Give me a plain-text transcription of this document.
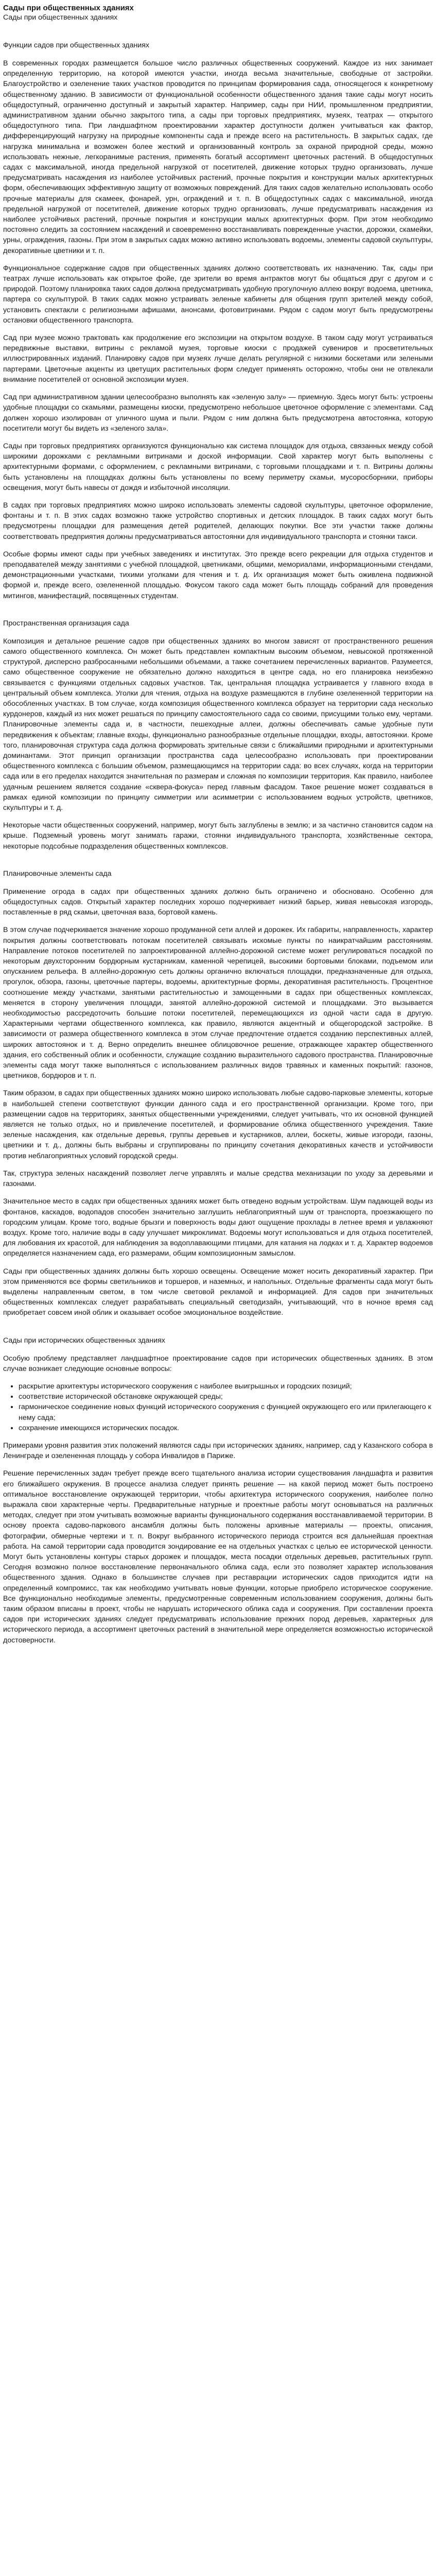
Сады при общественных зданиях
Сады при общественных зданиях
Функции садов при общественных зданиях

В современных городах размещается большое число различных общественных сооружений. Каждое из них занимает определенную территорию, на которой имеются участки, иногда весьма значительные, свободные от застройки. Благоустройство и озеленение таких участков проводится по принципам формирования сада, относящегося к конкретному общественному зданию. В зависимости от функциональной особенности общественного здания такие сады могут носить общедоступный, ограниченно доступный и закрытый характер. Например, сады при НИИ, промышленном предприятии, административном здании обычно закрытого типа, а сады при торговых предприятиях, музеях, театрах — открытого общедоступного типа. При ландшафтном проектировании характер доступности должен учитываться как фактор, дифференцирующий нагрузку на природные компоненты сада и прежде всего на растительность. В закрытых садах, где нагрузка минимальна и возможен более жесткий и организованный контроль за охраной природной среды, можно использовать нежные, легкоранимые растения, применять богатый ассортимент цветочных растений. В общедоступных садах с максимальной, иногда предельной нагрузкой от посетителей, движение которых трудно организовать, лучше предусматривать насаждения из наиболее устойчивых растений, прочные покрытия и конструкции малых архитектурных форм, обеспечивающих эффективную защиту от возможных повреждений. Для таких садов желательно использовать особо прочные материалы для скамеек, фонарей, урн, ограждений и т. п. В общедоступных садах с максимальной, иногда предельной нагрузкой от посетителей, движение которых трудно организовать, лучше предусматривать насаждения из наиболее устойчивых растений, прочные покрытия и конструкции малых архитектурных форм. При этом необходимо постоянно следить за состоянием насаждений и своевременно восстанавливать поврежденные участки, дорожки, скамейки, урны, ограждения, газоны. При этом в закрытых садах можно активно использовать водоемы, элементы садовой скульптуры, декоративные цветники и т. п.

Функциональное содержание садов при общественных зданиях должно соответствовать их назначению. Так, сады при театрах лучше использовать как открытое фойе, где зрители во время антрактов могут бы общаться друг с другом и с природой. Поэтому планировка таких садов должна предусматривать удобную прогулочную аллею вокруг водоема, цветника, партера со скульптурой. В таких садах можно устраивать зеленые кабинеты для общения групп зрителей между собой, установить спектакли с религиозными афишами, анонсами, фотовитринами. Рядом с садом могут быть предусмотрены остановки общественного транспорта.

Сад при музее можно трактовать как продолжение его экспозиции на открытом воздухе. В таком саду могут устраиваться передвижные выставки, витрины с рекламой музея, торговые киоски с продажей сувениров и просветительных иллюстрированных изданий. Планировку садов при музеях лучше делать регулярной с низкими боскетами или зелеными партерами. Цветочные акценты из цветущих растительных форм следует применять осторожно, чтобы они не отвлекали внимание посетителей от основной экспозиции музея.

Сад при административном здании целесообразно выполнять как «зеленую залу» — приемную. Здесь могут быть: устроены удобные площадки со скамьями, размещены киоски, предусмотрено небольшое цветочное оформление с элементами. Сад должен хорошо изолирован от уличного шума и пыли. Рядом с ним должна быть предусмотрена автостоянка, которую посетители могут бы видеть из «зеленого зала».

Сады при торговых предприятиях организуются функционально как система площадок для отдыха, связанных между собой широкими дорожками с рекламными витринами и доской информации. Свой характер могут быть выполнены с архитектурными формами, с оформлением, с рекламными витринами, с торговыми площадками и т. п. Витрины должны быть установлены на площадках должны быть установлены по всему периметру скамьи, мусоросборники, приборы освещения, могут быть навесы от дождя и избыточной инсоляции.

В садах при торговых предприятиях можно широко использовать элементы садовой скульптуры, цветочное оформление, фонтаны и т. п. В этих садах возможно также устройство спортивных и детских площадок. В таких садах могут быть предусмотрены площадки для размещения детей родителей, делающих покупки. Все эти участки также должны соответствовать предприятия должны предусматриваться автостоянки для индивидуального транспорта и стоянки такси.

Особые формы имеют сады при учебных заведениях и институтах. Это прежде всего рекреации для отдыха студентов и преподавателей между занятиями с учебной площадкой, цветниками, общими, мемориалами, информационными стендами, демонстрационными участками, тихими уголками для чтения и т. д. Их организация может быть оживлена подвижной формой и, прежде всего, озелененной площадью. Фокусом такого сада может быть площадь собраний для проведения митингов, манифестаций, посвященных студентам.

Пространственная организация сада

Композиция и детальное решение садов при общественных зданиях во многом зависят от пространственного решения самого общественного комплекса. Он может быть представлен компактным высоким объемом, невысокой протяженной структурой, дисперсно разбросанными небольшими объемами, а также сочетанием перечисленных вариантов. Разумеется, само общественное сооружение не обязательно должно находиться в центре сада, но его планировка неизбежно связывается с функциями отдельных садовых участков. Так, центральная площадка устраивается у главного входа в центральный объем комплекса. Уголки для чтения, отдыха на воздухе размещаются в глубине озелененной территории на обособленных участках. В том случае, когда композиция общественного комплекса образует на территории сада несколько курдонеров, каждый из них может решаться по принципу самостоятельного сада со своими, присущими только ему, чертами. Планировочные элементы сада и, в частности, пешеходные аллеи, должны обеспечивать самые удобные пути передвижения к объектам; главные входы, функционально разнообразные отдельные площадки, входы, автостоянки. Кроме того, планировочная структура сада должна формировать зрительные связи с ближайшими природными и архитектурными доминантами. Этот принцип организации пространства сада целесообразно использовать при проектировании общественного комплекса с большим объемом, размещающимся на территории сада: во всех случаях, когда на территории сада или в его пределах находится значительная по размерам и сложная по композиции территория. Как правило, наиболее удачным решением является создание «сквера-фокуса» перед главным фасадом. Такое решение может создаваться в рамках единой композиции по принципу симметрии или асимметрии с использованием водных устройств, цветников, скульптуры и т. д.

Некоторые части общественных сооружений, например, могут быть заглублены в землю; и за частично становится садом на крыше. Подземный уровень могут занимать гаражи, стоянки индивидуального транспорта, хозяйственные сектора, некоторые подсобные подразделения общественных комплексов.

Планировочные элементы сада

Применение огрода в садах при общественных зданиях должно быть ограничено и обосновано. Особенно для общедоступных садов. Открытый характер последних хорошо подчеркивает низкий барьер, живая невысокая изгородь, поставленные в ряд скамьи, цветочная ваза, бортовой камень.

В этом случае подчеркивается значение хорошо продуманной сети аллей и дорожек. Их габариты, направленность, характер покрытия должны соответствовать потокам посетителей связывать искомые пункты по наикратчайшим расстояниям. Направление потоков посетителей по запроектированной аллейно-дорожной системе может регулироваться посадкой по некоторым двухсторонним бордюрным кустарникам, каменной черепицей, высокими бортовыми блоками, подъемом или опусканием рельефа. В аллейно-дорожную сеть должны органично включаться площадки, предназначенные для отдыха, прогулок, обзора, газоны, цветочные партеры, водоемы, архитектурные формы, декоративная растительность. Процентное соотношение между участками, занятыми растительностью и замощенными в садах при общественных комплексах, меняется в сторону увеличения площади, занятой аллейно-дорожной системой и площадками. Это вызывается необходимостью рассредоточить большие потоки посетителей, перемещающихся из одной части сада в другую. Характерными чертами общественного комплекса, как правило, являются акцентный и общегородской застройке. В зависимости от размера общественного комплекса в этом случае предпочтение отдается созданию перспективных аллей, широких автостоянок и т. д. Верно определить внешнее облицовочное решение, отражающее характер общественного здания, его собственный облик и особенности, служащие созданию выразительного садового пространства. Планировочные элементы сада могут также выполняться с использованием различных видов травяных и каменных покрытий: газонов, цветников, бордюров и т. п.

Таким образом, в садах при общественных зданиях можно широко использовать любые садово-парковые элементы, которые в наибольшей степени соответствуют функции данного сада и его пространственной организации. Кроме того, при размещении садов на территориях, занятых общественными учреждениями, следует учитывать, что их основной функцией является не только отдых, но и привлечение посетителей, и формирование облика общественного учреждения. Такие зеленые насаждения, как отдельные деревья, группы деревьев и кустарников, аллеи, боскеты, живые изгороди, газоны, цветники и т. д., должны быть выбраны и сгруппированы по принципу сочетания декоративных качеств и устойчивости против неблагоприятных условий городской среды.

Так, структура зеленых насаждений позволяет легче управлять и малые средства механизации по уходу за деревьями и газонами.

Значительное место в садах при общественных зданиях может быть отведено водным устройствам. Шум падающей воды из фонтанов, каскадов, водопадов способен значительно заглушить неблагоприятный шум от транспорта, проезжающего по городским улицам. Кроме того, водные брызги и поверхность воды дают ощущение прохлады в летнее время и увлажняют воздух. Кроме того, наличие воды в саду улучшает микроклимат. Водоемы могут использоваться и для отдыха посетителей, для любования их красотой, для наблюдения за водоплавающими птицами, для катания на лодках и т. д. Характер водоемов определяется назначением сада, его размерами, общим композиционным замыслом.

Сады при общественных зданиях должны быть хорошо освещены. Освещение может носить декоративный характер. При этом применяются все формы светильников и торшеров, и наземных, и напольных. Отдельные фрагменты сада могут быть выделены направленным светом, в том числе световой рекламой и информацией. Для садов при значительных общественных комплексах следует разрабатывать специальный светодизайн, учитывающий, что в ночное время сад приобретает совсем иной облик и оказывает особое эмоциональное воздействие.

Сады при исторических общественных зданиях

Особую проблему представляет ландшафтное проектирование садов при исторических общественных зданиях. В этом случае возникает следующие основные вопросы:

• раскрытие архитектуры исторического сооружения с наиболее выигрышных и городских позиций;
• соответствие исторической обстановке окружающей среды;
• гармоническое соединение новых функций исторического сооружения с функцией окружающего его или прилегающего к нему сада;
• сохранение имеющихся исторических посадок.

Примерами уровня развития этих положений являются сады при исторических зданиях, например, сад у Казанского собора в Ленинграде и озелененная площадь у собора Инвалидов в Париже.

Решение перечисленных задач требует прежде всего тщательного анализа истории существования ландшафта и развития его ближайшего окружения. В процессе анализа следует принять решение — на какой период может быть построено оптимальное восстановление окружающей территории, чтобы архитектура исторического сооружения, наиболее полно выражала свои характерные черты. Предварительные натурные и проектные работы могут основываться на различных методах, следует при этом учитывать возможные варианты функционального содержания восстанавливаемой территории. В основу проекта садово-паркового ансамбля должны быть положены архивные материалы — проекты, описания, фотографии, обмерные чертежи и т. п. Вокруг выбранного исторического периода строится вся дальнейшая проектная работа. На самой территории сада проводится зондирование ее на отдельных участках с целью ее исторической ценности. Могут быть установлены контуры старых дорожек и площадок, места посадки отдельных деревьев, растительных групп. Сегодня возможно полное восстановление первоначального облика сада, если это позволяет характер использования общественного здания. Однако в большинстве случаев при реставрации исторических садов приходится идти на определенный компромисс, так как необходимо учитывать новые функции, которые приобрело историческое сооружение. Все функционально необходимые элементы, предусмотренные современным использованием сооружения, должны быть таким образом вписаны в проект, чтобы не нарушать исторического облика сада и сооружения. При составлении проекта садов при исторических зданиях следует предусматривать использование прежних пород деревьев, характерных для исторического периода, а ассортимент цветочных растений в значительной мере определяется возможностью исторической достоверности.
